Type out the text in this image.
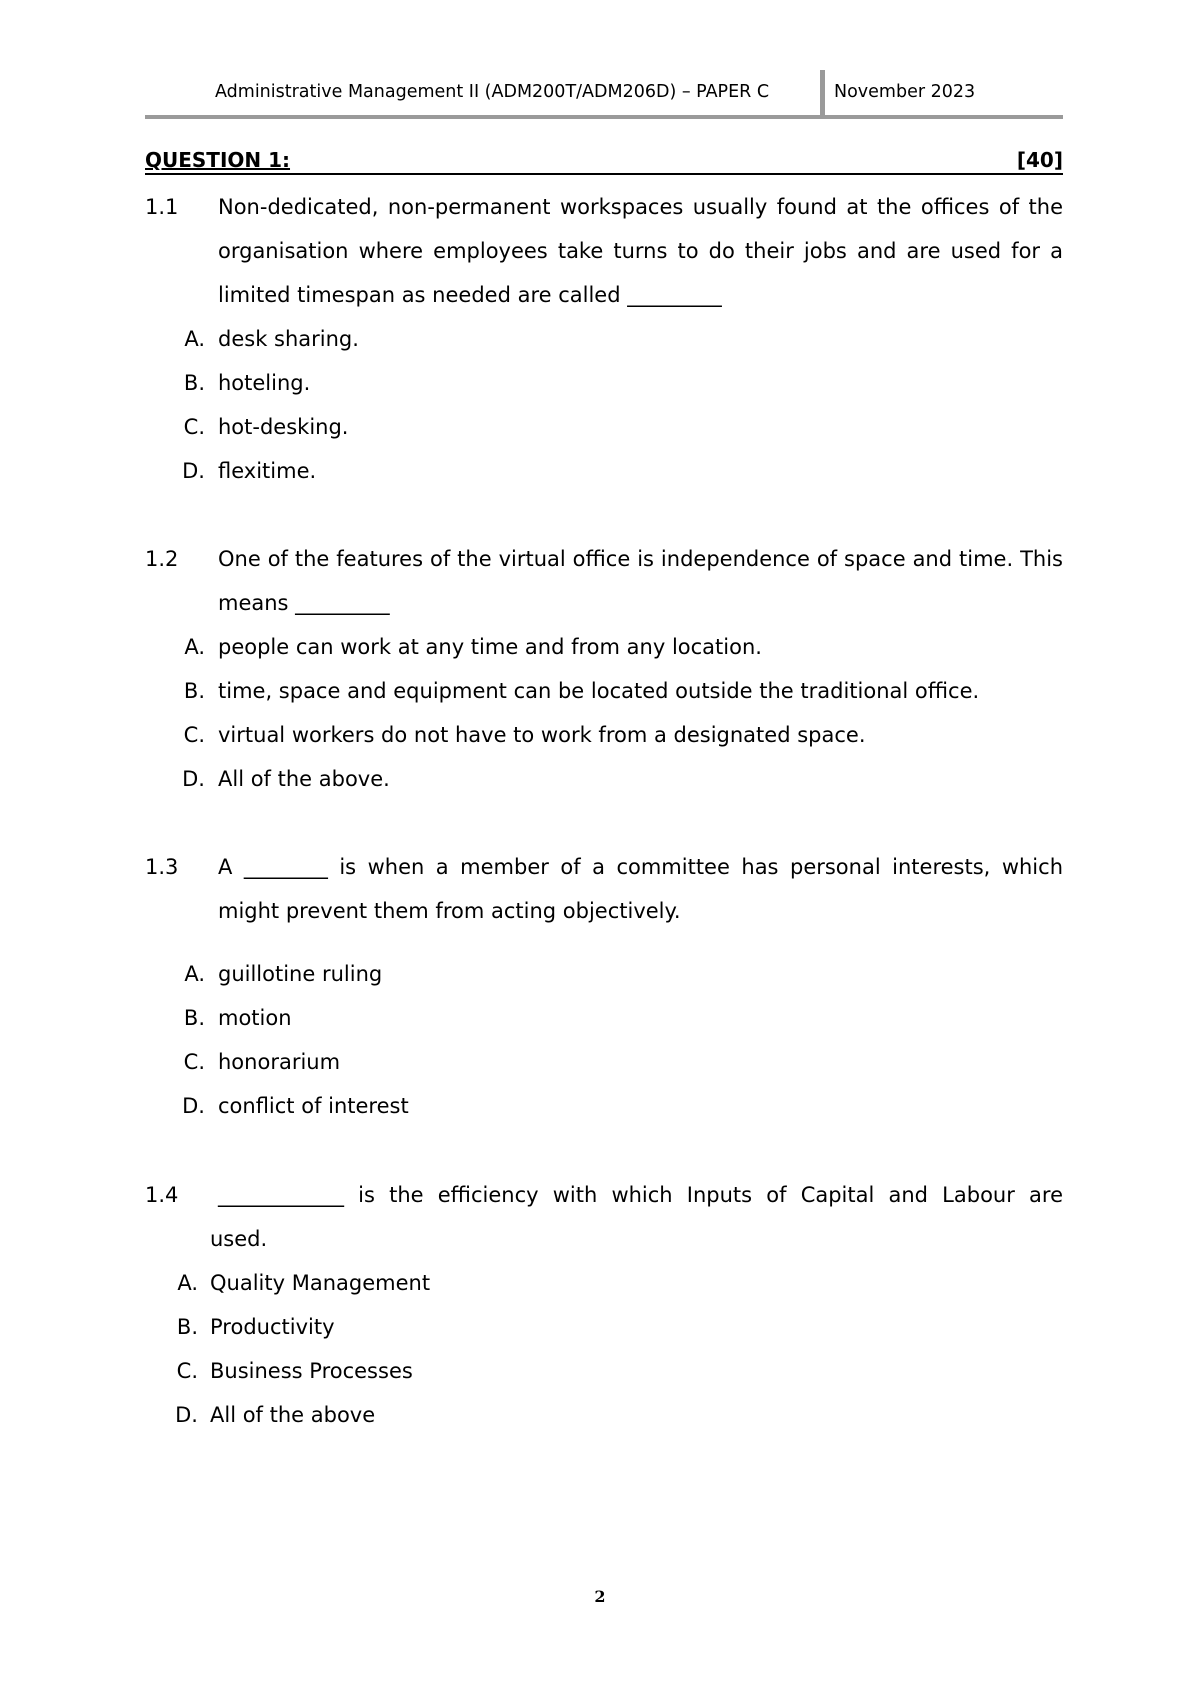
Administrative Management II (ADM200T/ADM206D) – PAPER C	November 2023
QUESTION 1:	[40]
1.1 Non-dedicated, non-permanent workspaces usually found at the offices of the
organisation where employees take turns to do their jobs and are used for a
limited timespan as needed are called _________
A. desk sharing.
B. hoteling.
C. hot-desking.
D. flexitime.
1.2 One of the features of the virtual office is independence of space and time. This
means _________
A. people can work at any time and from any location.
B. time, space and equipment can be located outside the traditional office.
C. virtual workers do not have to work from a designated space.
D. All of the above.
1.3 A ________ is when a member of a committee has personal interests, which
might prevent them from acting objectively.
A. guillotine ruling
B. motion
C. honorarium
D. conflict of interest
1.4 ____________ is the efficiency with which Inputs of Capital and Labour are
used.
A. Quality Management
B. Productivity
C. Business Processes
D. All of the above
2
